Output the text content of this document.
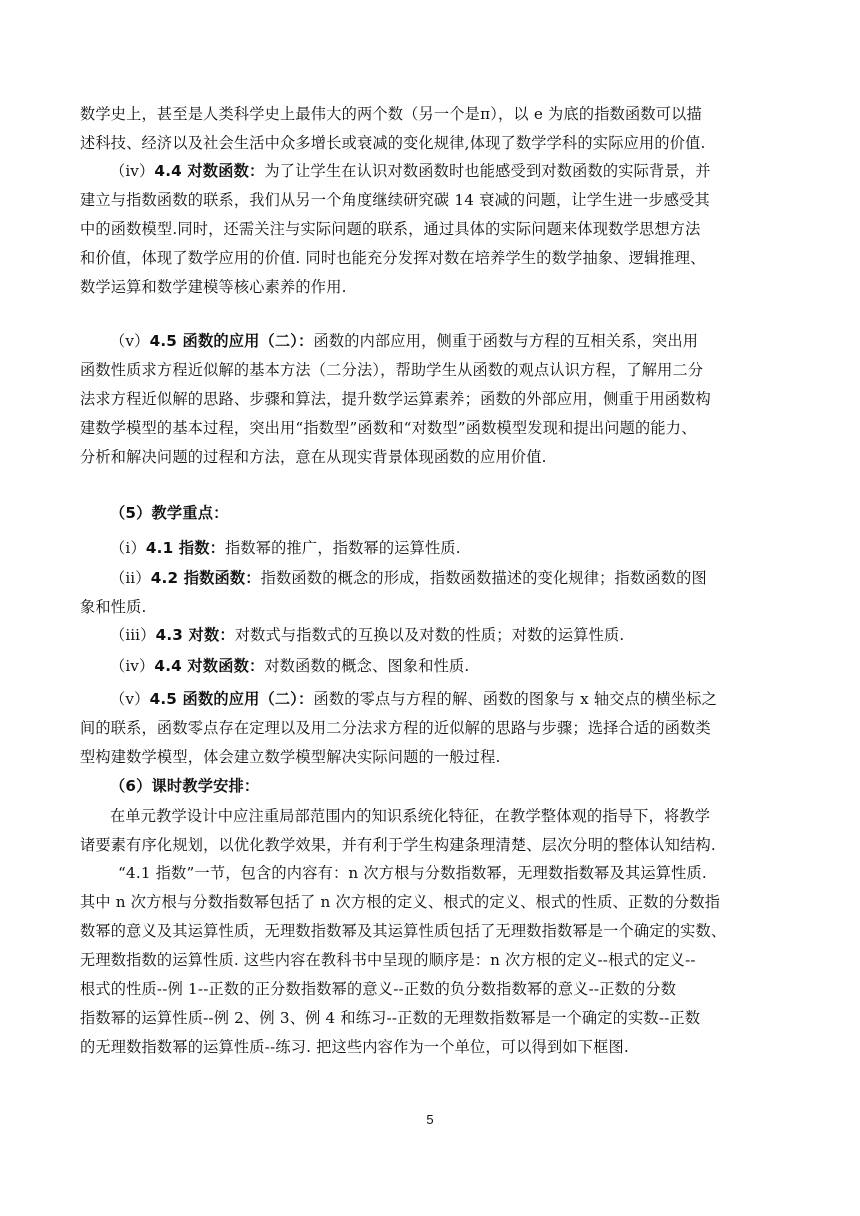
数学史上，甚至是人类科学史上最伟大的两个数（另一个是π），以 e 为底的指数函数可以描
述科技、经济以及社会生活中众多增长或衰减的变化规律,体现了数学学科的实际应用的价值.

（ⅳ）4.4 对数函数：为了让学生在认识对数函数时也能感受到对数函数的实际背景，并
建立与指数函数的联系，我们从另一个角度继续研究碳 14 衰减的问题，让学生进一步感受其
中的函数模型.同时，还需关注与实际问题的联系，通过具体的实际问题来体现数学思想方法
和价值，体现了数学应用的价值. 同时也能充分发挥对数在培养学生的数学抽象、逻辑推理、
数学运算和数学建模等核心素养的作用.

（ⅴ）4.5 函数的应用（二）：函数的内部应用，侧重于函数与方程的互相关系，突出用
函数性质求方程近似解的基本方法（二分法），帮助学生从函数的观点认识方程，了解用二分
法求方程近似解的思路、步骤和算法，提升数学运算素养；函数的外部应用，侧重于用函数构
建数学模型的基本过程，突出用“指数型”函数和“对数型”函数模型发现和提出问题的能力、
分析和解决问题的过程和方法，意在从现实背景体现函数的应用价值.

（5）教学重点：

（ⅰ）4.1 指数：指数幂的推广，指数幂的运算性质.

（ⅱ）4.2 指数函数：指数函数的概念的形成，指数函数描述的变化规律；指数函数的图
象和性质.

（ⅲ）4.3 对数：对数式与指数式的互换以及对数的性质；对数的运算性质.

（ⅳ）4.4 对数函数：对数函数的概念、图象和性质.

（ⅴ）4.5 函数的应用（二）：函数的零点与方程的解、函数的图象与 x 轴交点的横坐标之
间的联系，函数零点存在定理以及用二分法求方程的近似解的思路与步骤；选择合适的函数类
型构建数学模型，体会建立数学模型解决实际问题的一般过程.

（6）课时教学安排：

在单元教学设计中应注重局部范围内的知识系统化特征，在教学整体观的指导下，将教学
诸要素有序化规划，以优化教学效果，并有利于学生构建条理清楚、层次分明的整体认知结构.

“4.1 指数”一节，包含的内容有：n 次方根与分数指数幂，无理数指数幂及其运算性质.
其中 n 次方根与分数指数幂包括了 n 次方根的定义、根式的定义、根式的性质、正数的分数指
数幂的意义及其运算性质，无理数指数幂及其运算性质包括了无理数指数幂是一个确定的实数、
无理数指数的运算性质. 这些内容在教科书中呈现的顺序是：n 次方根的定义--根式的定义--
根式的性质--例 1--正数的正分数指数幂的意义--正数的负分数指数幂的意义--正数的分数
指数幂的运算性质--例 2、例 3、例 4 和练习--正数的无理数指数幂是一个确定的实数--正数
的无理数指数幂的运算性质--练习. 把这些内容作为一个单位，可以得到如下框图.

5
